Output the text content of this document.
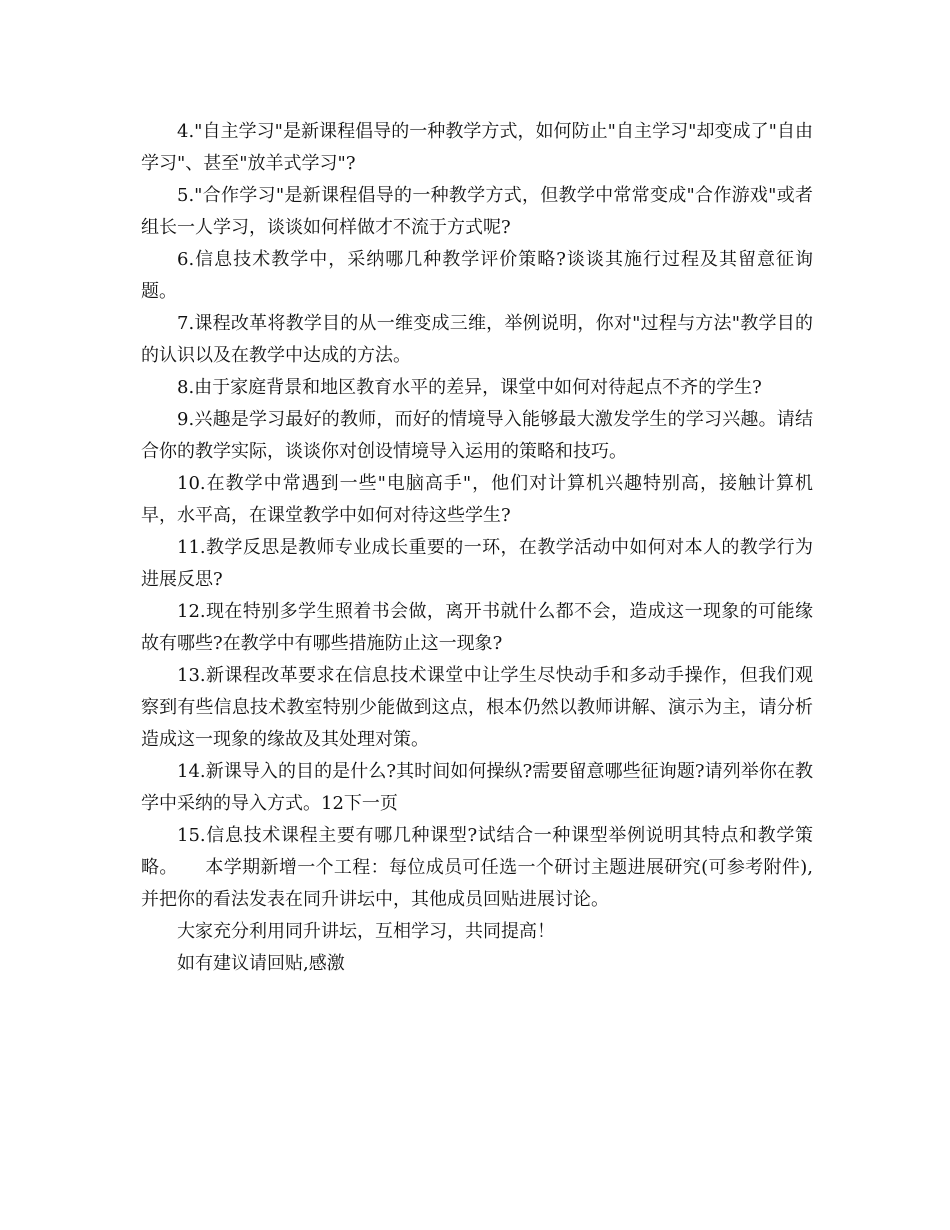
4."自主学习"是新课程倡导的一种教学方式，如何防止"自主学习"却变成了"自由学习"、甚至"放羊式学习"?

5."合作学习"是新课程倡导的一种教学方式，但教学中常常变成"合作游戏"或者组长一人学习，谈谈如何样做才不流于方式呢?

6.信息技术教学中，采纳哪几种教学评价策略?谈谈其施行过程及其留意征询题。

7.课程改革将教学目的从一维变成三维，举例说明，你对"过程与方法"教学目的的认识以及在教学中达成的方法。

8.由于家庭背景和地区教育水平的差异，课堂中如何对待起点不齐的学生?

9.兴趣是学习最好的教师，而好的情境导入能够最大激发学生的学习兴趣。请结合你的教学实际，谈谈你对创设情境导入运用的策略和技巧。

10.在教学中常遇到一些"电脑高手"，他们对计算机兴趣特别高，接触计算机早，水平高，在课堂教学中如何对待这些学生?

11.教学反思是教师专业成长重要的一环，在教学活动中如何对本人的教学行为进展反思?

12.现在特别多学生照着书会做，离开书就什么都不会，造成这一现象的可能缘故有哪些?在教学中有哪些措施防止这一现象?

13.新课程改革要求在信息技术课堂中让学生尽快动手和多动手操作，但我们观察到有些信息技术教室特别少能做到这点，根本仍然以教师讲解、演示为主，请分析造成这一现象的缘故及其处理对策。

14.新课导入的目的是什么?其时间如何操纵?需要留意哪些征询题?请列举你在教学中采纳的导入方式。12下一页

15.信息技术课程主要有哪几种课型?试结合一种课型举例说明其特点和教学策略。　　本学期新增一个工程：每位成员可任选一个研讨主题进展研究(可参考附件),并把你的看法发表在同升讲坛中，其他成员回贴进展讨论。

大家充分利用同升讲坛，互相学习，共同提高！

如有建议请回贴,感激
